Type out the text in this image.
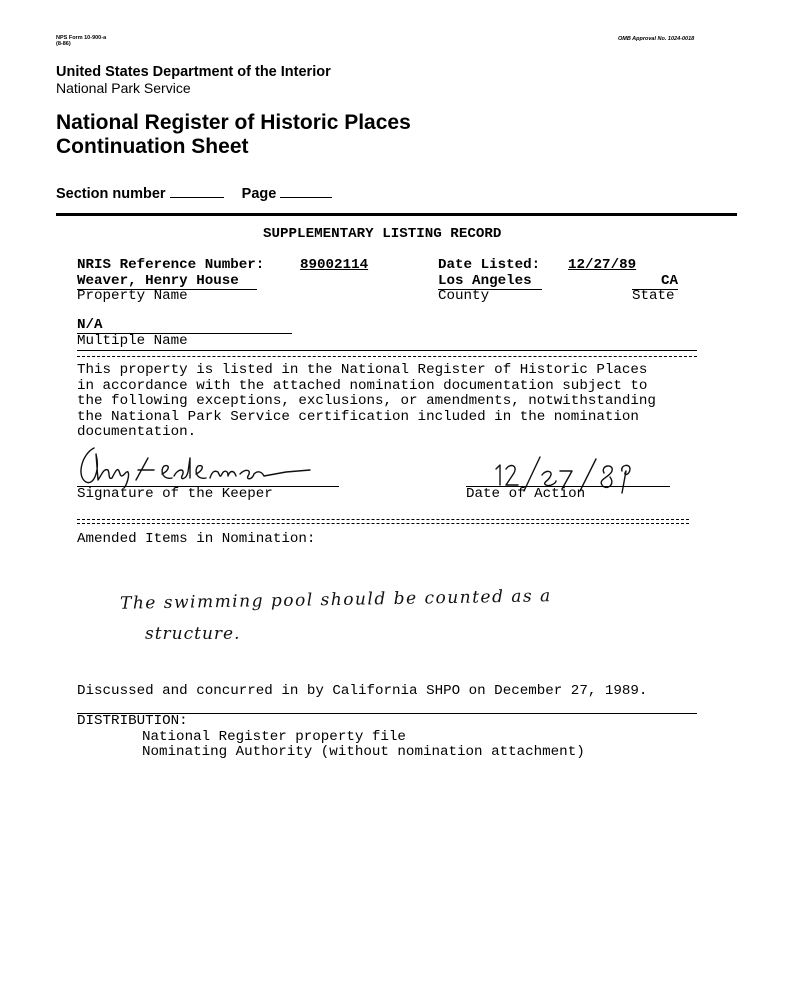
NPS Form 10-900-a
(8-86)
OMB Approval No. 1024-0018
United States Department of the Interior
National Park Service
National Register of Historic Places
Continuation Sheet
Section number	Page
SUPPLEMENTARY LISTING RECORD
NRIS Reference Number:	89002114	Date Listed: 12/27/89
Weaver, Henry House	Los Angeles	CA
Property Name	County	State
N/A
Multiple Name
This property is listed in the National Register of Historic Places
in accordance with the attached nomination documentation subject to
the following exceptions, exclusions, or amendments, notwithstanding
the National Park Service certification included in the nomination
documentation.
Signature of the Keeper	Date of Action
Amended Items in Nomination:
The swimming pool should be counted as a
structure.
Discussed and concurred in by California SHPO on December 27, 1989.
DISTRIBUTION:
National Register property file
Nominating Authority (without nomination attachment)
